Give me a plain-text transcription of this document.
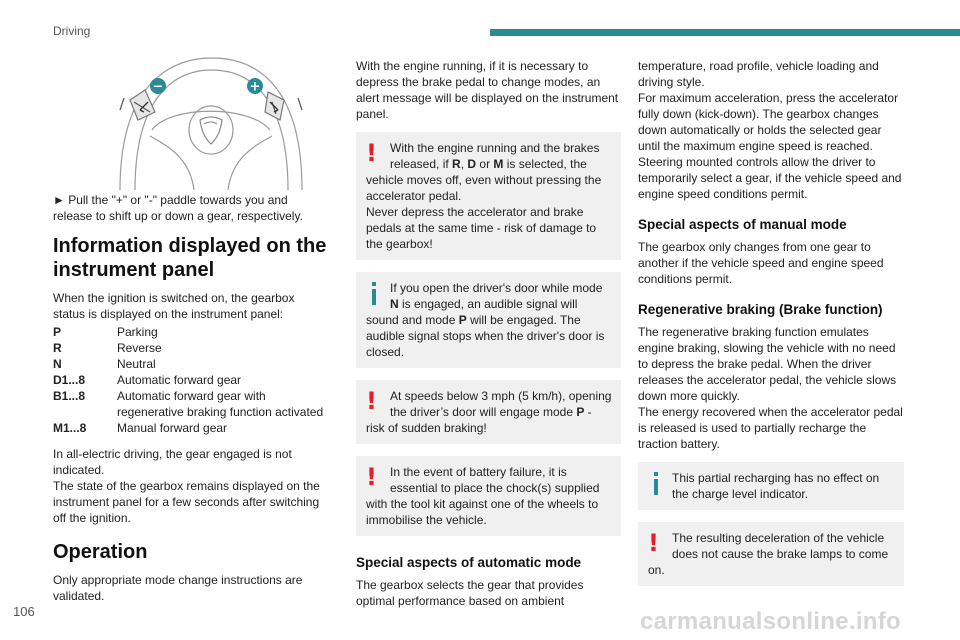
Driving
−	+

► Pull the "+" or "-" paddle towards you and release to shift up or down a gear, respectively.

Information displayed on the instrument panel

When the ignition is switched on, the gearbox status is displayed on the instrument panel:

P	Parking
R	Reverse
N	Neutral
D1...8	Automatic forward gear
B1...8	Automatic forward gear with regenerative braking function activated
M1...8	Manual forward gear

In all-electric driving, the gear engaged is not indicated.

The state of the gearbox remains displayed on the instrument panel for a few seconds after switching off the ignition.

Operation

Only appropriate mode change instructions are validated.

With the engine running, if it is necessary to depress the brake pedal to change modes, an alert message will be displayed on the instrument panel.

!	With the engine running and the brakes released, if R, D or M is selected, the vehicle moves off, even without pressing the accelerator pedal.
Never depress the accelerator and brake pedals at the same time - risk of damage to the gearbox!
If you open the driver's door while mode N is engaged, an audible signal will sound and mode P will be engaged. The audible signal stops when the driver's door is closed.
!	At speeds below 3 mph (5 km/h), opening the driver’s door will engage mode P - risk of sudden braking!
!	In the event of battery failure, it is essential to place the chock(s) supplied with the tool kit against one of the wheels to immobilise the vehicle.
Special aspects of automatic mode

The gearbox selects the gear that provides optimal performance based on ambient

temperature, road profile, vehicle loading and driving style.

For maximum acceleration, press the accelerator fully down (kick-down). The gearbox changes down automatically or holds the selected gear until the maximum engine speed is reached.

Steering mounted controls allow the driver to temporarily select a gear, if the vehicle speed and engine speed conditions permit.

Special aspects of manual mode

The gearbox only changes from one gear to another if the vehicle speed and engine speed conditions permit.

Regenerative braking (Brake function)

The regenerative braking function emulates engine braking, slowing the vehicle with no need to depress the brake pedal. When the driver releases the accelerator pedal, the vehicle slows down more quickly.

The energy recovered when the accelerator pedal is released is used to partially recharge the traction battery.

This partial recharging has no effect on the charge level indicator.
!	The resulting deceleration of the vehicle does not cause the brake lamps to come on.
106	carmanualsonline.info
